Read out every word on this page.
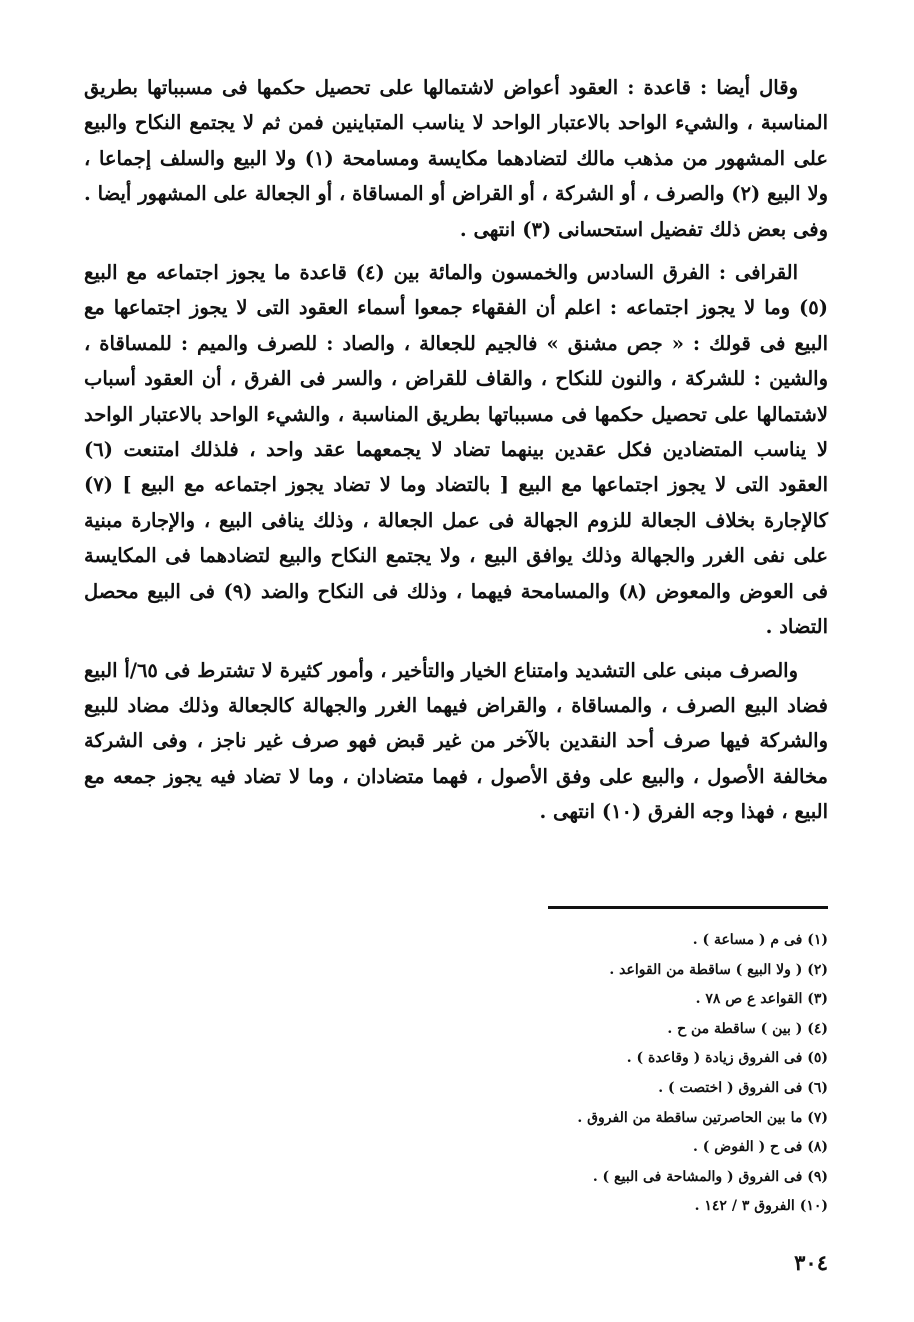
وقال أيضا : قاعدة : العقود أعواض لاشتمالها على تحصيل حكمها فى مسبباتها بطريق المناسبة ، والشيء الواحد بالاعتبار الواحد لا يناسب المتباينين فمن ثم لا يجتمع النكاح والبيع على المشهور من مذهب مالك لتضادهما مكايسة ومسامحة (١) ولا البيع والسلف إجماعا ، ولا البيع (٢) والصرف ، أو الشركة ، أو القراض أو المساقاة ، أو الجعالة على المشهور أيضا . وفى بعض ذلك تفضيل استحسانى (٣) انتهى .

القرافى : الفرق السادس والخمسون والمائة بين (٤) قاعدة ما يجوز اجتماعه مع البيع (٥) وما لا يجوز اجتماعه : اعلم أن الفقهاء جمعوا أسماء العقود التى لا يجوز اجتماعها مع البيع فى قولك : « جص مشنق » فالجيم للجعالة ، والصاد : للصرف والميم : للمساقاة ، والشين : للشركة ، والنون للنكاح ، والقاف للقراض ، والسر فى الفرق ، أن العقود أسباب لاشتمالها على تحصيل حكمها فى مسبباتها بطريق المناسبة ، والشيء الواحد بالاعتبار الواحد لا يناسب المتضادين فكل عقدين بينهما تضاد لا يجمعهما عقد واحد ، فلذلك امتنعت (٦) العقود التى لا يجوز اجتماعها مع البيع [ بالتضاد وما لا تضاد يجوز اجتماعه مع البيع ] (٧) كالإجارة بخلاف الجعالة للزوم الجهالة فى عمل الجعالة ، وذلك ينافى البيع ، والإجارة مبنية على نفى الغرر والجهالة وذلك يوافق البيع ، ولا يجتمع النكاح والبيع لتضادهما فى المكايسة فى العوض والمعوض (٨) والمسامحة فيهما ، وذلك فى النكاح والضد (٩) فى البيع محصل التضاد .

والصرف مبنى على التشديد وامتناع الخيار والتأخير ، وأمور كثيرة لا تشترط فى ٦٥/أ البيع فضاد البيع الصرف ، والمساقاة ، والقراض فيهما الغرر والجهالة كالجعالة وذلك مضاد للبيع والشركة فيها صرف أحد النقدين بالآخر من غير قبض فهو صرف غير ناجز ، وفى الشركة مخالفة الأصول ، والبيع على وفق الأصول ، فهما متضادان ، وما لا تضاد فيه يجوز جمعه مع البيع ، فهذا وجه الفرق (١٠) انتهى .

(١) فى م ( مساعة ) .
(٢) ( ولا البيع ) ساقطة من القواعد .
(٣) القواعد ع ص ٧٨ .
(٤) ( بين ) ساقطة من ح .
(٥) فى الفروق زيادة ( وقاعدة ) .
(٦) فى الفروق ( اختصت ) .
(٧) ما بين الحاصرتين ساقطة من الفروق .
(٨) فى ح ( الفوض ) .
(٩) فى الفروق ( والمشاحة فى البيع ) .
(١٠) الفروق ٣ / ١٤٢ .
٣٠٤
